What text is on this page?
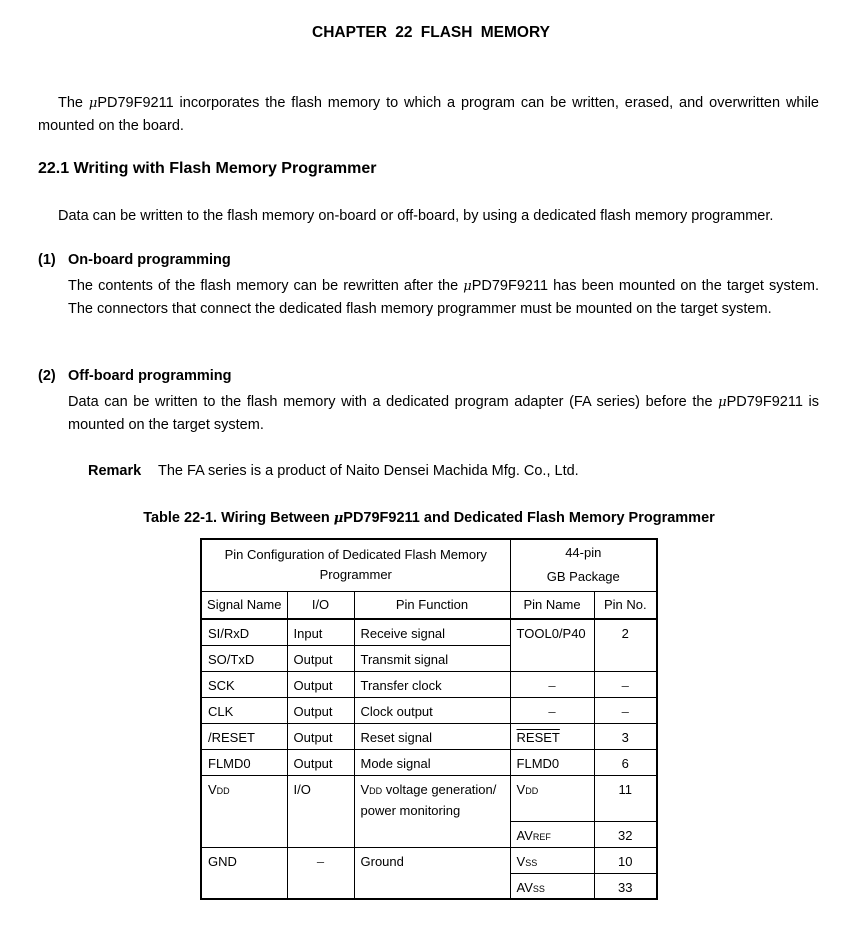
CHAPTER 22 FLASH MEMORY
The μPD79F9211 incorporates the flash memory to which a program can be written, erased, and overwritten while mounted on the board.
22.1 Writing with Flash Memory Programmer
Data can be written to the flash memory on-board or off-board, by using a dedicated flash memory programmer.
(1) On-board programming
The contents of the flash memory can be rewritten after the μPD79F9211 has been mounted on the target system. The connectors that connect the dedicated flash memory programmer must be mounted on the target system.
(2) Off-board programming
Data can be written to the flash memory with a dedicated program adapter (FA series) before the μPD79F9211 is mounted on the target system.
Remark The FA series is a product of Naito Densei Machida Mfg. Co., Ltd.
Table 22-1. Wiring Between μPD79F9211 and Dedicated Flash Memory Programmer
Pin Configuration of Dedicated Flash Memory Programmer			44-pin
GB Package	

Signal Name	I/O	Pin Function	Pin Name	Pin No.
SI/RxD	Input	Receive signal	TOOL0/P40	2
SO/TxD	Output	Transmit signal		
SCK	Output	Transfer clock	–	–
CLK	Output	Clock output	–	–
/RESET	Output	Reset signal	RESET	3
FLMD0	Output	Mode signal	FLMD0	6
VDD	I/O	VDD voltage generation/ power monitoring	VDD	11
			AVREF	32
GND	–	Ground	VSS	10
			AVSS	33
